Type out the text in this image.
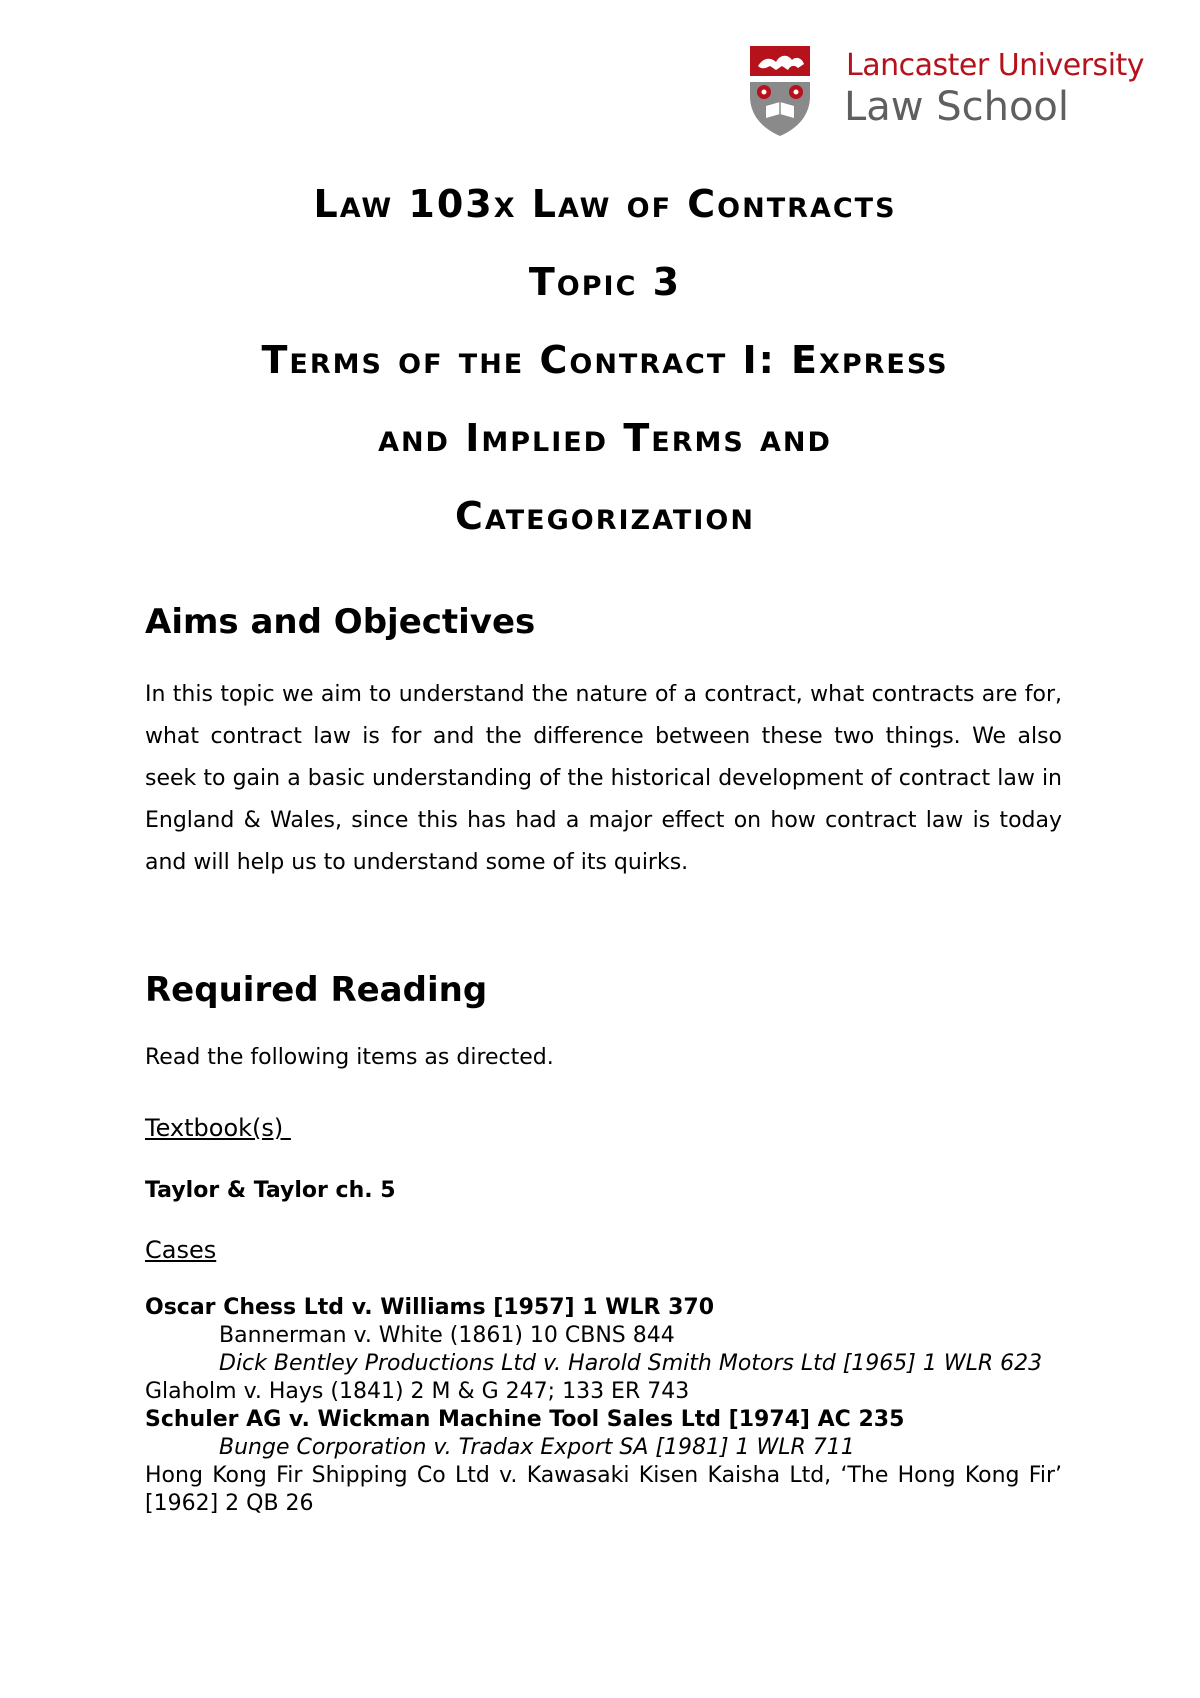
Lancaster University
Law School
Law 103x Law of Contracts
Topic 3
Terms of the Contract I: Express
and Implied Terms and
Categorization
Aims and Objectives

In this topic we aim to understand the nature of a contract, what contracts are for, what contract law is for and the difference between these two things. We also seek to gain a basic understanding of the historical development of contract law in England & Wales, since this has had a major effect on how contract law is today and will help us to understand some of its quirks.

Required Reading

Read the following items as directed.

Textbook(s)

Taylor & Taylor ch. 5

Cases

Oscar Chess Ltd v. Williams [1957] 1 WLR 370
Bannerman v. White (1861) 10 CBNS 844
Dick Bentley Productions Ltd v. Harold Smith Motors Ltd [1965] 1 WLR 623
Glaholm v. Hays (1841) 2 M & G 247; 133 ER 743
Schuler AG v. Wickman Machine Tool Sales Ltd [1974] AC 235
Bunge Corporation v. Tradax Export SA [1981] 1 WLR 711
Hong Kong Fir Shipping Co Ltd v. Kawasaki Kisen Kaisha Ltd, ‘The Hong Kong Fir’ [1962] 2 QB 26
